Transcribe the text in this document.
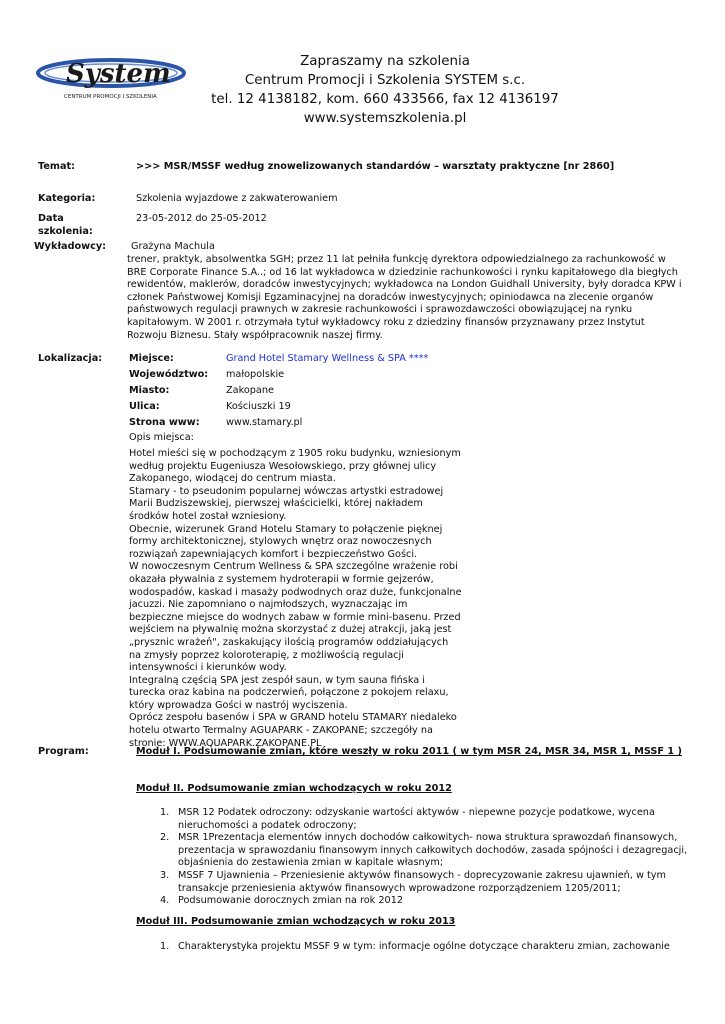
System
CENTRUM PROMOCJI I SZKOLENIA
Zapraszamy na szkolenia
Centrum Promocji i Szkolenia SYSTEM s.c.
tel. 12 4138182, kom. 660 433566, fax 12 4136197
www.systemszkolenia.pl
Temat:	>>> MSR/MSSF według znowelizowanych standardów – warsztaty praktyczne [nr 2860]
Kategoria:	Szkolenia wyjazdowe z zakwaterowaniem
Data
szkolenia:
23-05-2012 do 25-05-2012
Wykładowcy:	Grażyna Machula
trener, praktyk, absolwentka SGH; przez 11 lat pełniła funkcję dyrektora odpowiedzialnego za rachunkowość w
BRE Corporate Finance S.A..; od 16 lat wykładowca w dziedzinie rachunkowości i rynku kapitałowego dla biegłych
rewidentów, maklerów, doradców inwestycyjnych; wykładowca na London Guidhall University, były doradca KPW i
członek Państwowej Komisji Egzaminacyjnej na doradców inwestycyjnych; opiniodawca na zlecenie organów
państwowych regulacji prawnych w zakresie rachunkowości i sprawozdawczości obowiązującej na rynku
kapitałowym. W 2001 r. otrzymała tytuł wykładowcy roku z dziedziny finansów przyznawany przez Instytut
Rozwoju Biznesu. Stały współpracownik naszej firmy.
Lokalizacja:	Miejsce:	Grand Hotel Stamary Wellness & SPA ****
Województwo: małopolskie
Miasto:	Zakopane
Ulica:	Kościuszki 19
Strona www:	www.stamary.pl
Opis miejsca:
Hotel mieści się w pochodzącym z 1905 roku budynku, wzniesionym
według projektu Eugeniusza Wesołowskiego, przy głównej ulicy
Zakopanego, wiodącej do centrum miasta.
Stamary - to pseudonim popularnej wówczas artystki estradowej
Marii Budziszewskiej, pierwszej właścicielki, której nakładem
środków hotel został wzniesiony.
Obecnie, wizerunek Grand Hotelu Stamary to połączenie pięknej
formy architektonicznej, stylowych wnętrz oraz nowoczesnych
rozwiązań zapewniających komfort i bezpieczeństwo Gości.
W nowoczesnym Centrum Wellness & SPA szczególne wrażenie robi
okazała pływalnia z systemem hydroterapii w formie gejzerów,
wodospadów, kaskad i masaży podwodnych oraz duże, funkcjonalne
jacuzzi. Nie zapomniano o najmłodszych, wyznaczając im
bezpieczne miejsce do wodnych zabaw w formie mini-basenu. Przed
wejściem na pływalnię można skorzystać z dużej atrakcji, jaką jest
„prysznic wrażeń", zaskakujący ilością programów oddziałujących
na zmysły poprzez koloroterapię, z możliwością regulacji
intensywności i kierunków wody.
Integralną częścią SPA jest zespół saun, w tym sauna fińska i
turecka oraz kabina na podczerwień, połączone z pokojem relaxu,
który wprowadza Gości w nastrój wyciszenia.
Oprócz zespołu basenów i SPA w GRAND hotelu STAMARY niedaleko
hotelu otwarto Termalny AGUAPARK - ZAKOPANE; szczegóły na
stronie: WWW.AQUAPARK.ZAKOPANE.PL
Program:	Moduł I. Podsumowanie zmian, które weszły w roku 2011 ( w tym MSR 24, MSR 34, MSR 1, MSSF 1 )
Moduł II. Podsumowanie zmian wchodzących w roku 2012
1. MSR 12 Podatek odroczony: odzyskanie wartości aktywów - niepewne pozycje podatkowe, wycena
nieruchomości a podatek odroczony;
2. MSR 1Prezentacja elementów innych dochodów całkowitych- nowa struktura sprawozdań finansowych,
prezentacja w sprawozdaniu finansowym innych całkowitych dochodów, zasada spójności i dezagregacji,
objaśnienia do zestawienia zmian w kapitale własnym;
3. MSSF 7 Ujawnienia – Przeniesienie aktywów finansowych - doprecyzowanie zakresu ujawnień, w tym
transakcje przeniesienia aktywów finansowych wprowadzone rozporządzeniem 1205/2011;
4. Podsumowanie dorocznych zmian na rok 2012
Moduł III. Podsumowanie zmian wchodzących w roku 2013
1. Charakterystyka projektu MSSF 9 w tym: informacje ogólne dotyczące charakteru zmian, zachowanie
